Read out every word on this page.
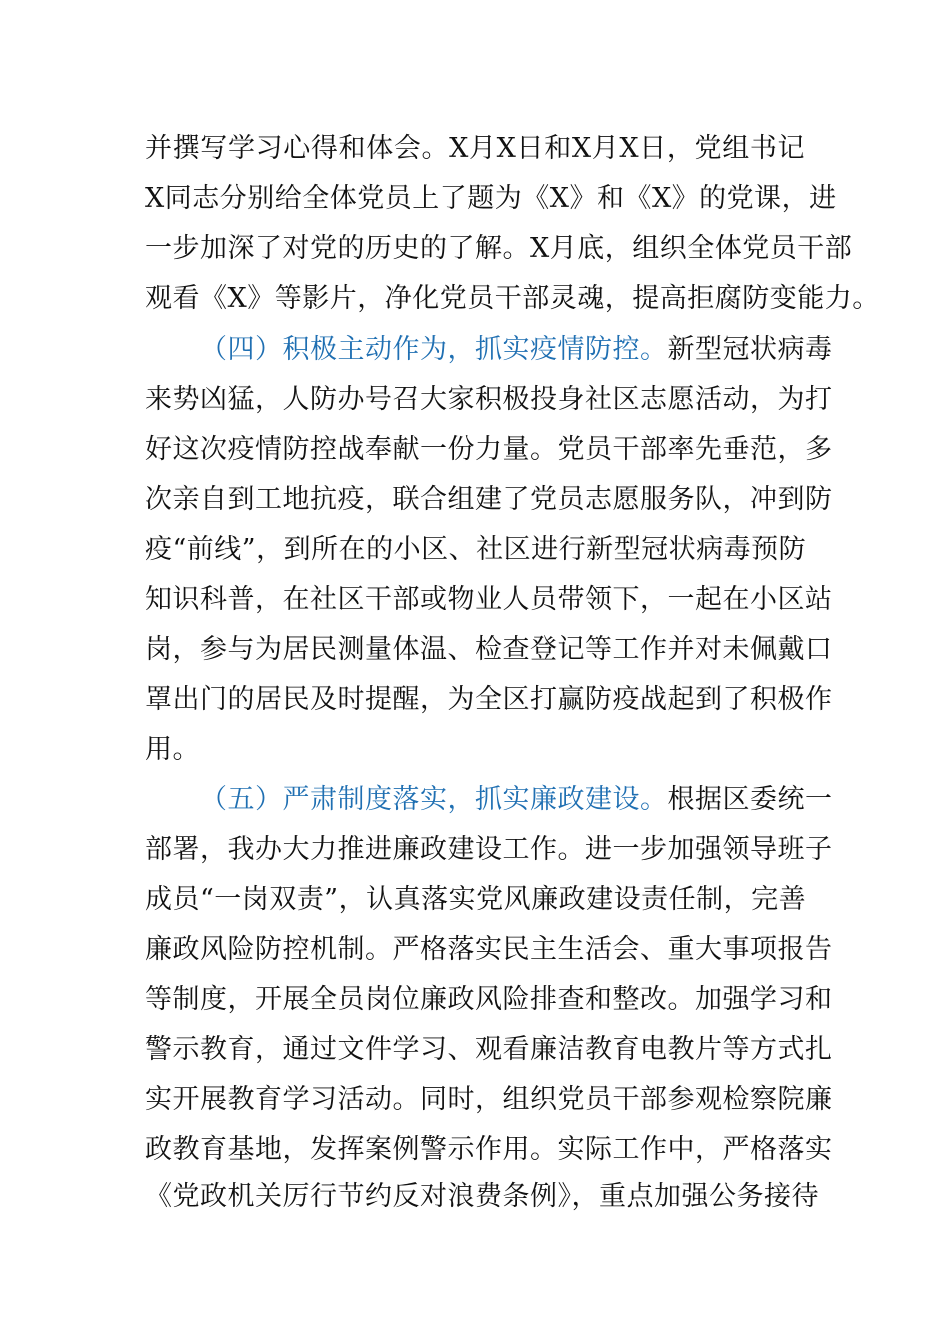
并撰写学习心得和体会。X月X日和X月X日，党组书记
X同志分别给全体党员上了题为《X》和《X》的党课，进
一步加深了对党的历史的了解。X月底，组织全体党员干部
观看《X》等影片，净化党员干部灵魂，提高拒腐防变能力。
（四）积极主动作为，抓实疫情防控。新型冠状病毒
来势凶猛，人防办号召大家积极投身社区志愿活动，为打
好这次疫情防控战奉献一份力量。党员干部率先垂范，多
次亲自到工地抗疫，联合组建了党员志愿服务队，冲到防
疫“前线”，到所在的小区、社区进行新型冠状病毒预防
知识科普，在社区干部或物业人员带领下，一起在小区站
岗，参与为居民测量体温、检查登记等工作并对未佩戴口
罩出门的居民及时提醒，为全区打赢防疫战起到了积极作
用。
（五）严肃制度落实，抓实廉政建设。根据区委统一
部署，我办大力推进廉政建设工作。进一步加强领导班子
成员“一岗双责”，认真落实党风廉政建设责任制，完善
廉政风险防控机制。严格落实民主生活会、重大事项报告
等制度，开展全员岗位廉政风险排查和整改。加强学习和
警示教育，通过文件学习、观看廉洁教育电教片等方式扎
实开展教育学习活动。同时，组织党员干部参观检察院廉
政教育基地，发挥案例警示作用。实际工作中，严格落实
《党政机关厉行节约反对浪费条例》，重点加强公务接待
